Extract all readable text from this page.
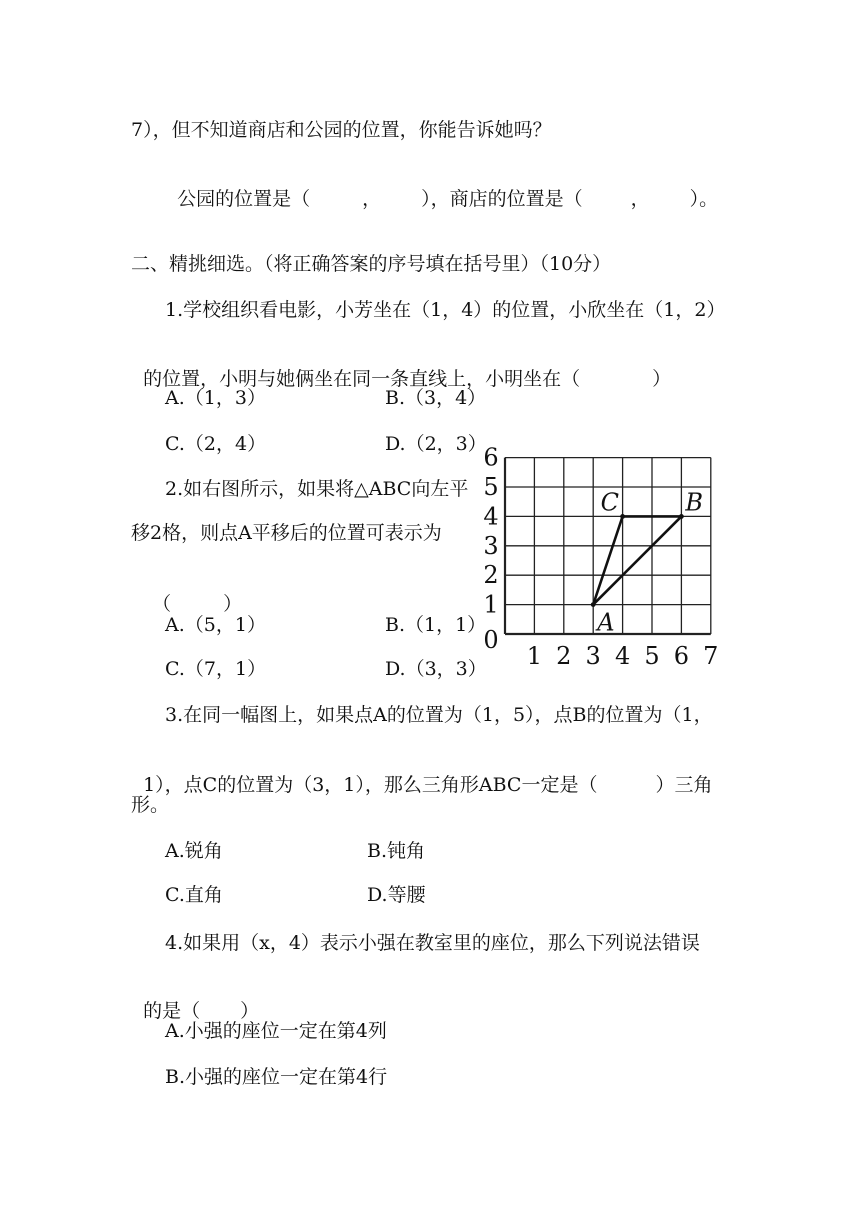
7），但不知道商店和公园的位置，你能告诉她吗？

公园的位置是（	， ），商店的位置是（	， ）。

二、精挑细选。（将正确答案的序号填在括号里）（10分）
1.学校组织看电影，小芳坐在（1，4）的位置，小欣坐在（1，2）

的位置，小明与她俩坐在同一条直线上，小明坐在（	）

A.（1，3）	B.（3，4）
C.（2，4）	D.（2，3）
2.如右图所示，如果将△ABC向左平
移2格，则点A平移后的位置可表示为

（	）

A.（5，1）	B.（1，1）
C.（7，1）	D.（3，3） 1 2 3 4 5 6 7
1
2
3
4
5
6
0
A
B
C
3.在同一幅图上，如果点A的位置为（1，5），点B的位置为（1，

1），点C的位置为（3，1），那么三角形ABC一定是（	）三角

形。
A.锐角	B.钝角
C.直角	D.等腰
4.如果用（x，4）表示小强在教室里的座位，那么下列说法错误

的是（ ）

A.小强的座位一定在第4列
B.小强的座位一定在第4行
